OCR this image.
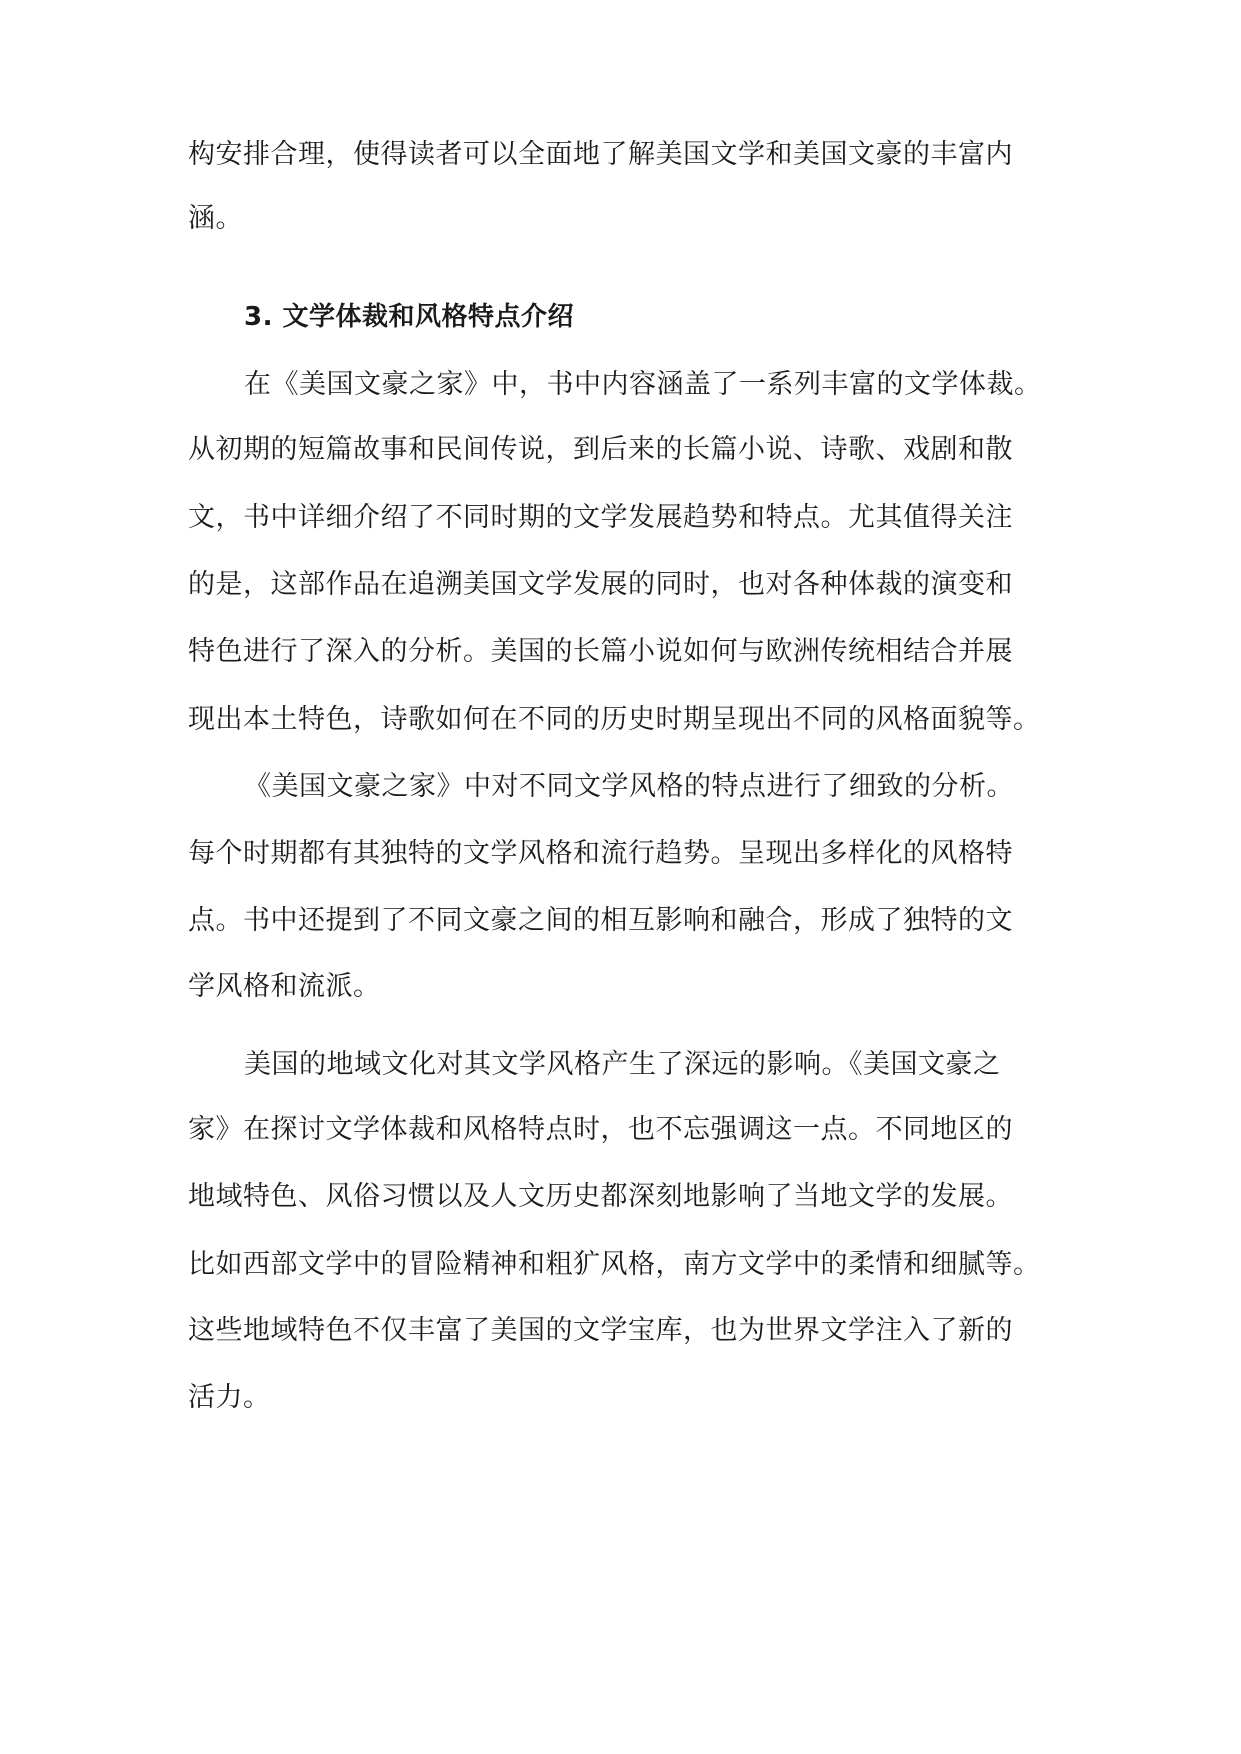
构安排合理，使得读者可以全面地了解美国文学和美国文豪的丰富内
涵。
3. 文学体裁和风格特点介绍
在《美国文豪之家》中，书中内容涵盖了一系列丰富的文学体裁。
从初期的短篇故事和民间传说，到后来的长篇小说、诗歌、戏剧和散
文，书中详细介绍了不同时期的文学发展趋势和特点。尤其值得关注
的是，这部作品在追溯美国文学发展的同时，也对各种体裁的演变和
特色进行了深入的分析。美国的长篇小说如何与欧洲传统相结合并展
现出本土特色，诗歌如何在不同的历史时期呈现出不同的风格面貌等。
《美国文豪之家》中对不同文学风格的特点进行了细致的分析。
每个时期都有其独特的文学风格和流行趋势。呈现出多样化的风格特
点。书中还提到了不同文豪之间的相互影响和融合，形成了独特的文
学风格和流派。
美国的地域文化对其文学风格产生了深远的影响。《美国文豪之
家》在探讨文学体裁和风格特点时，也不忘强调这一点。不同地区的
地域特色、风俗习惯以及人文历史都深刻地影响了当地文学的发展。
比如西部文学中的冒险精神和粗犷风格，南方文学中的柔情和细腻等。
这些地域特色不仅丰富了美国的文学宝库，也为世界文学注入了新的
活力。
